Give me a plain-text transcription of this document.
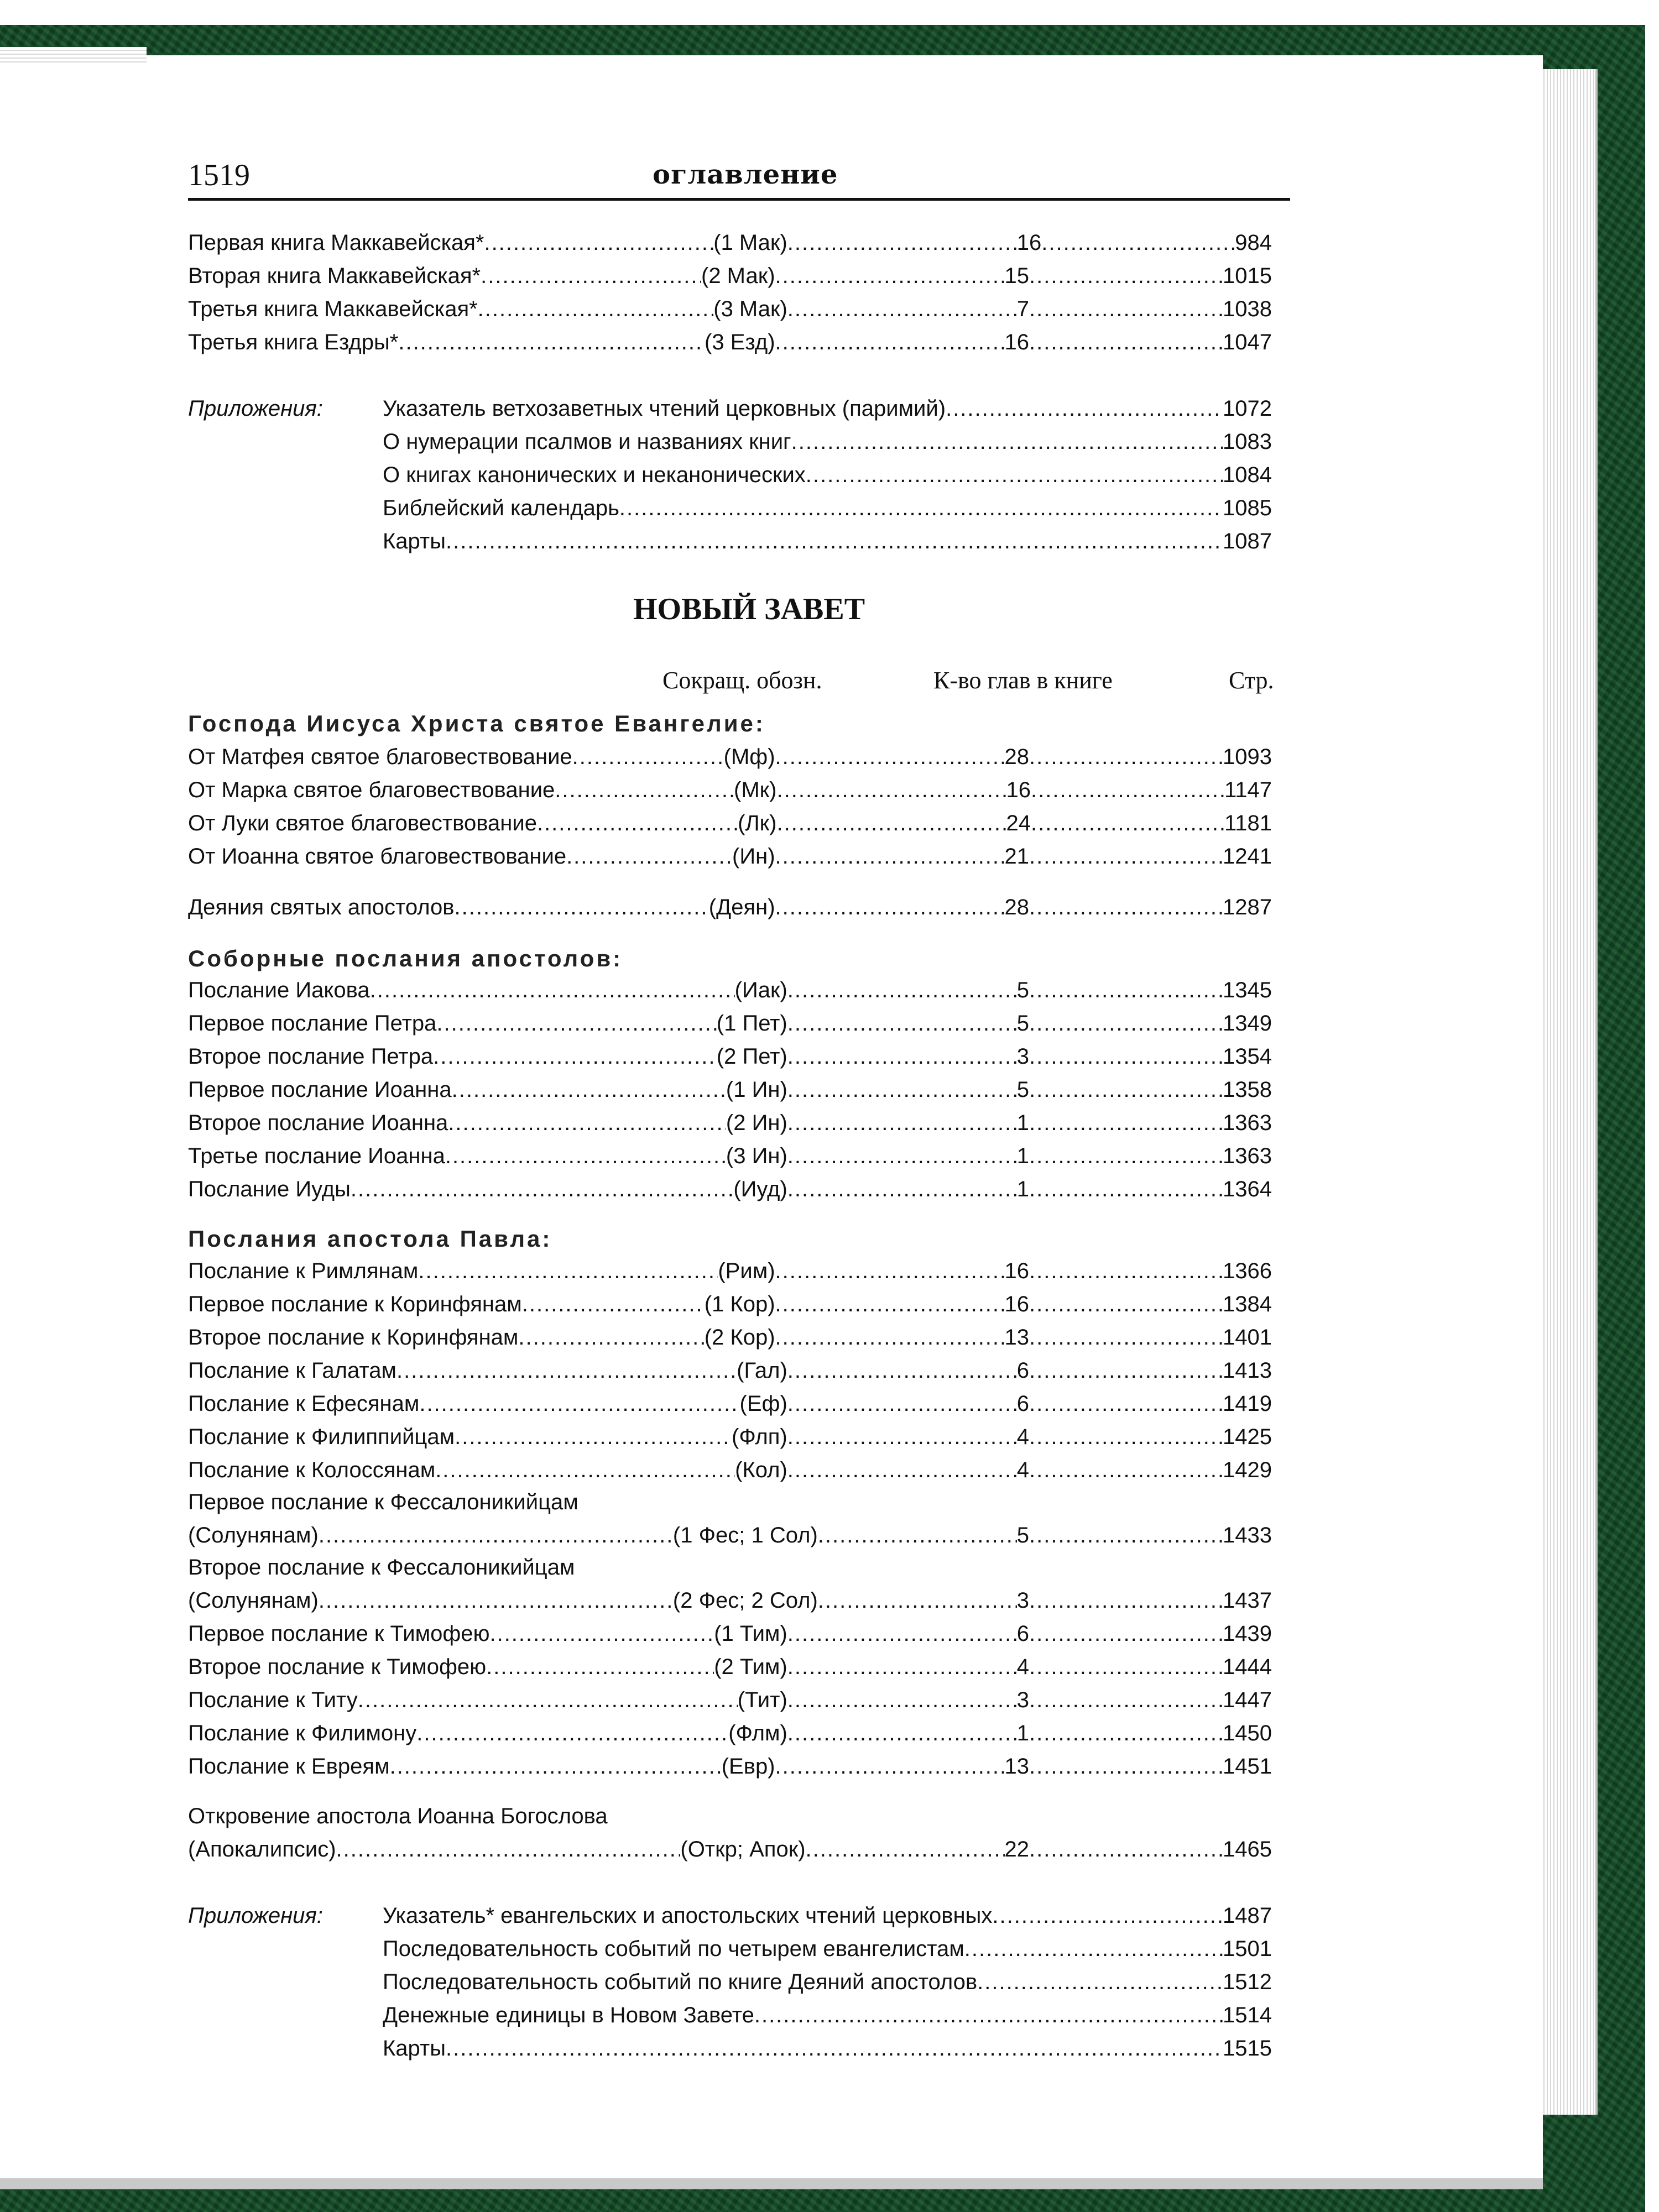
1519	оглавление
Первая книга Маккавейская* .....	(1 Мак) .....	16 .....	984
Вторая книга Маккавейская* .....	(2 Мак) .....	15 .....	1015
Третья книга Маккавейская* .....	(3 Мак) .....	7 .....	1038
Третья книга Ездры* .....	(3 Езд) .....	16 .....	1047
Приложения:	Указатель ветхозаветных чтений церковных (паримий) .....	1072
О нумерации псалмов и названиях книг .....	1083
О книгах канонических и неканонических .....	1084
Библейский календарь .....	1085
Карты .....	1087
НОВЫЙ ЗАВЕТ
Сокращ. обозн.	К-во глав в книге	Стр.
Господа Иисуса Христа святое Евангелие:
От Матфея святое благовествование .....	(Мф) .....	28 .....	1093
От Марка святое благовествование .....	(Мк) .....	16 .....	1147
От Луки святое благовествование .....	(Лк) .....	24 .....	1181
От Иоанна святое благовествование .....	(Ин) .....	21 .....	1241
Деяния святых апостолов .....	(Деян) .....	28 .....	1287
Соборные послания апостолов:
Послание Иакова .....	(Иак) .....	5 .....	1345
Первое послание Петра .....	(1 Пет) .....	5 .....	1349
Второе послание Петра .....	(2 Пет) .....	3 .....	1354
Первое послание Иоанна .....	(1 Ин) .....	5 .....	1358
Второе послание Иоанна .....	(2 Ин) .....	1 .....	1363
Третье послание Иоанна .....	(3 Ин) .....	1 .....	1363
Послание Иуды .....	(Иуд) .....	1 .....	1364
Послания апостола Павла:
Послание к Римлянам .....	(Рим) .....	16 .....	1366
Первое послание к Коринфянам .....	(1 Кор) .....	16 .....	1384
Второе послание к Коринфянам .....	(2 Кор) .....	13 .....	1401
Послание к Галатам .....	(Гал) .....	6 .....	1413
Послание к Ефесянам .....	(Еф) .....	6 .....	1419
Послание к Филиппийцам .....	(Флп) .....	4 .....	1425
Послание к Колоссянам .....	(Кол) .....	4 .....	1429
Первое послание к Фессалоникийцам
(Солунянам) .....	(1 Фес; 1 Сол) .....	5 .....	1433
Второе послание к Фессалоникийцам
(Солунянам) .....	(2 Фес; 2 Сол) .....	3 .....	1437
Первое послание к Тимофею .....	(1 Тим) .....	6 .....	1439
Второе послание к Тимофею .....	(2 Тим) .....	4 .....	1444
Послание к Титу .....	(Тит) .....	3 .....	1447
Послание к Филимону .....	(Флм) .....	1 .....	1450
Послание к Евреям .....	(Евр) .....	13 .....	1451
Откровение апостола Иоанна Богослова
(Апокалипсис) .....	(Откр; Апок) .....	22 .....	1465
Приложения:	Указатель* евангельских и апостольских чтений церковных .....	1487
Последовательность событий по четырем евангелистам .....	1501
Последовательность событий по книге Деяний апостолов .....	1512
Денежные единицы в Новом Завете .....	1514
Карты .....	1515
